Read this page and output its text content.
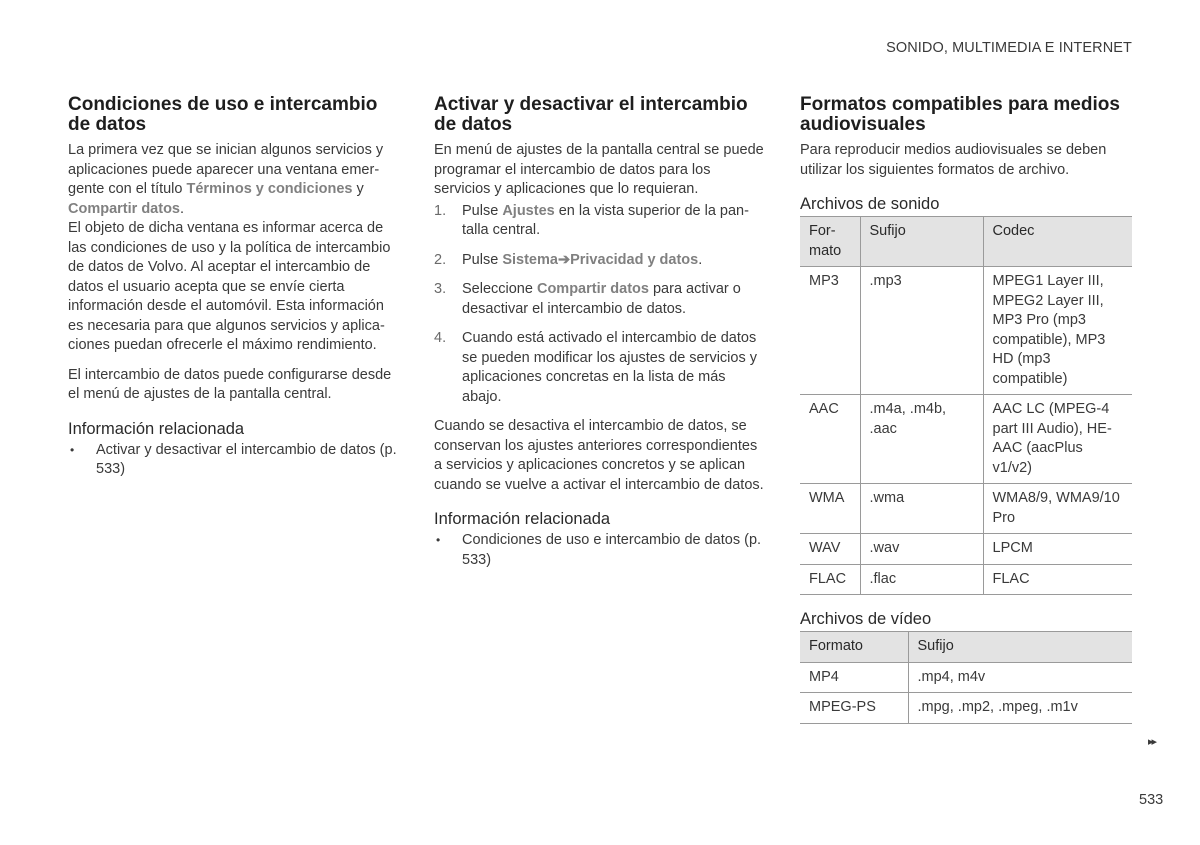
SONIDO, MULTIMEDIA E INTERNET
Condiciones de uso e intercambio de datos

La primera vez que se inician algunos servicios y aplicaciones puede aparecer una ventana emergente con el título Términos y condiciones y Compartir datos.

El objeto de dicha ventana es informar acerca de las condiciones de uso y la política de intercambio de datos de Volvo. Al aceptar el intercambio de datos el usuario acepta que se envíe cierta información desde el automóvil. Esta información es necesaria para que algunos servicios y aplicaciones puedan ofrecerle el máximo rendimiento.

El intercambio de datos puede configurarse desde el menú de ajustes de la pantalla central.

Información relacionada
• Activar y desactivar el intercambio de datos (p. 533)
Activar y desactivar el intercambio de datos

En menú de ajustes de la pantalla central se puede programar el intercambio de datos para los servicios y aplicaciones que lo requieran.

1. Pulse Ajustes en la vista superior de la pantalla central.
2. Pulse Sistema➔Privacidad y datos.
3. Seleccione Compartir datos para activar o desactivar el intercambio de datos.
4. Cuando está activado el intercambio de datos se pueden modificar los ajustes de servicios y aplicaciones concretas en la lista de más abajo.

Cuando se desactiva el intercambio de datos, se conservan los ajustes anteriores correspondientes a servicios y aplicaciones concretos y se aplican cuando se vuelve a activar el intercambio de datos.

Información relacionada
• Condiciones de uso e intercambio de datos (p. 533)
Formatos compatibles para medios audiovisuales

Para reproducir medios audiovisuales se deben utilizar los siguientes formatos de archivo.

Archivos de sonido
Formato	Sufijo	Codec
MP3	.mp3	MPEG1 Layer III, MPEG2 Layer III, MP3 Pro (mp3 compatible), MP3 HD (mp3 compatible)
AAC	.m4a, .m4b, .aac	AAC LC (MPEG-4 part III Audio), HE-AAC (aacPlus v1/v2)
WMA	.wma	WMA8/9, WMA9/10 Pro
WAV	.wav	LPCM
FLAC	.flac	FLAC
Archivos de vídeo
Formato	Sufijo
MP4	.mp4, m4v
MPEG-PS	.mpg, .mp2, .mpeg, .m1v
▸▸
533
